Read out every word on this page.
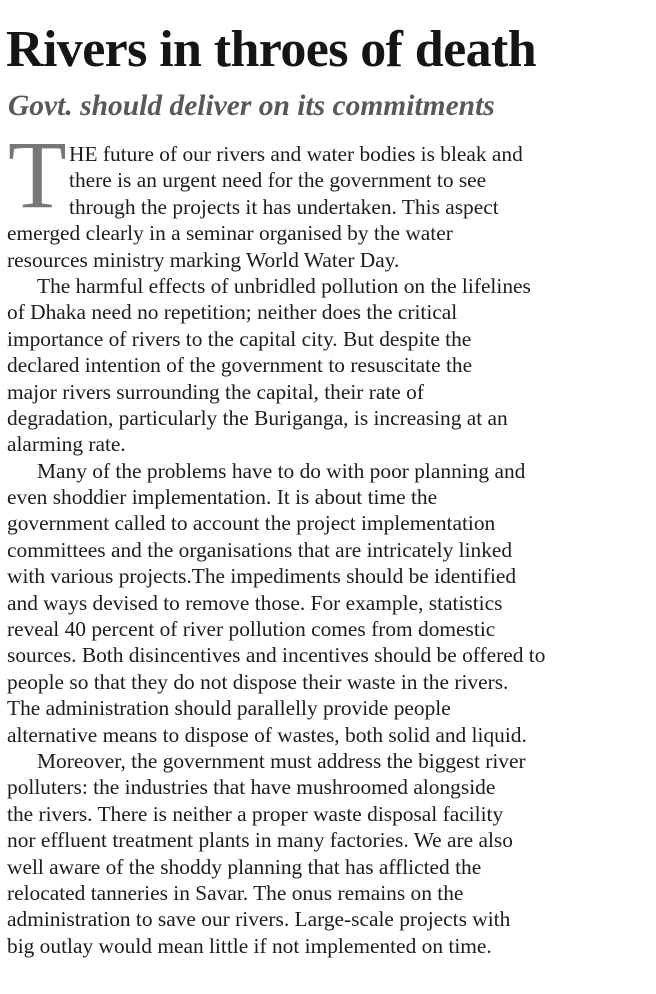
Rivers in throes of death
Govt. should deliver on its commitments
T HE future of our rivers and water bodies is bleak and
there is an urgent need for the government to see
through the projects it has undertaken. This aspect
emerged clearly in a seminar organised by the water
resources ministry marking World Water Day.
The harmful effects of unbridled pollution on the lifelines
of Dhaka need no repetition; neither does the critical
importance of rivers to the capital city. But despite the
declared intention of the government to resuscitate the
major rivers surrounding the capital, their rate of
degradation, particularly the Buriganga, is increasing at an
alarming rate.
Many of the problems have to do with poor planning and
even shoddier implementation. It is about time the
government called to account the project implementation
committees and the organisations that are intricately linked
with various projects.The impediments should be identified
and ways devised to remove those. For example, statistics
reveal 40 percent of river pollution comes from domestic
sources. Both disincentives and incentives should be offered to
people so that they do not dispose their waste in the rivers.
The administration should parallelly provide people
alternative means to dispose of wastes, both solid and liquid.
Moreover, the government must address the biggest river
polluters: the industries that have mushroomed alongside
the rivers. There is neither a proper waste disposal facility
nor effluent treatment plants in many factories. We are also
well aware of the shoddy planning that has afflicted the
relocated tanneries in Savar. The onus remains on the
administration to save our rivers. Large-scale projects with
big outlay would mean little if not implemented on time.
